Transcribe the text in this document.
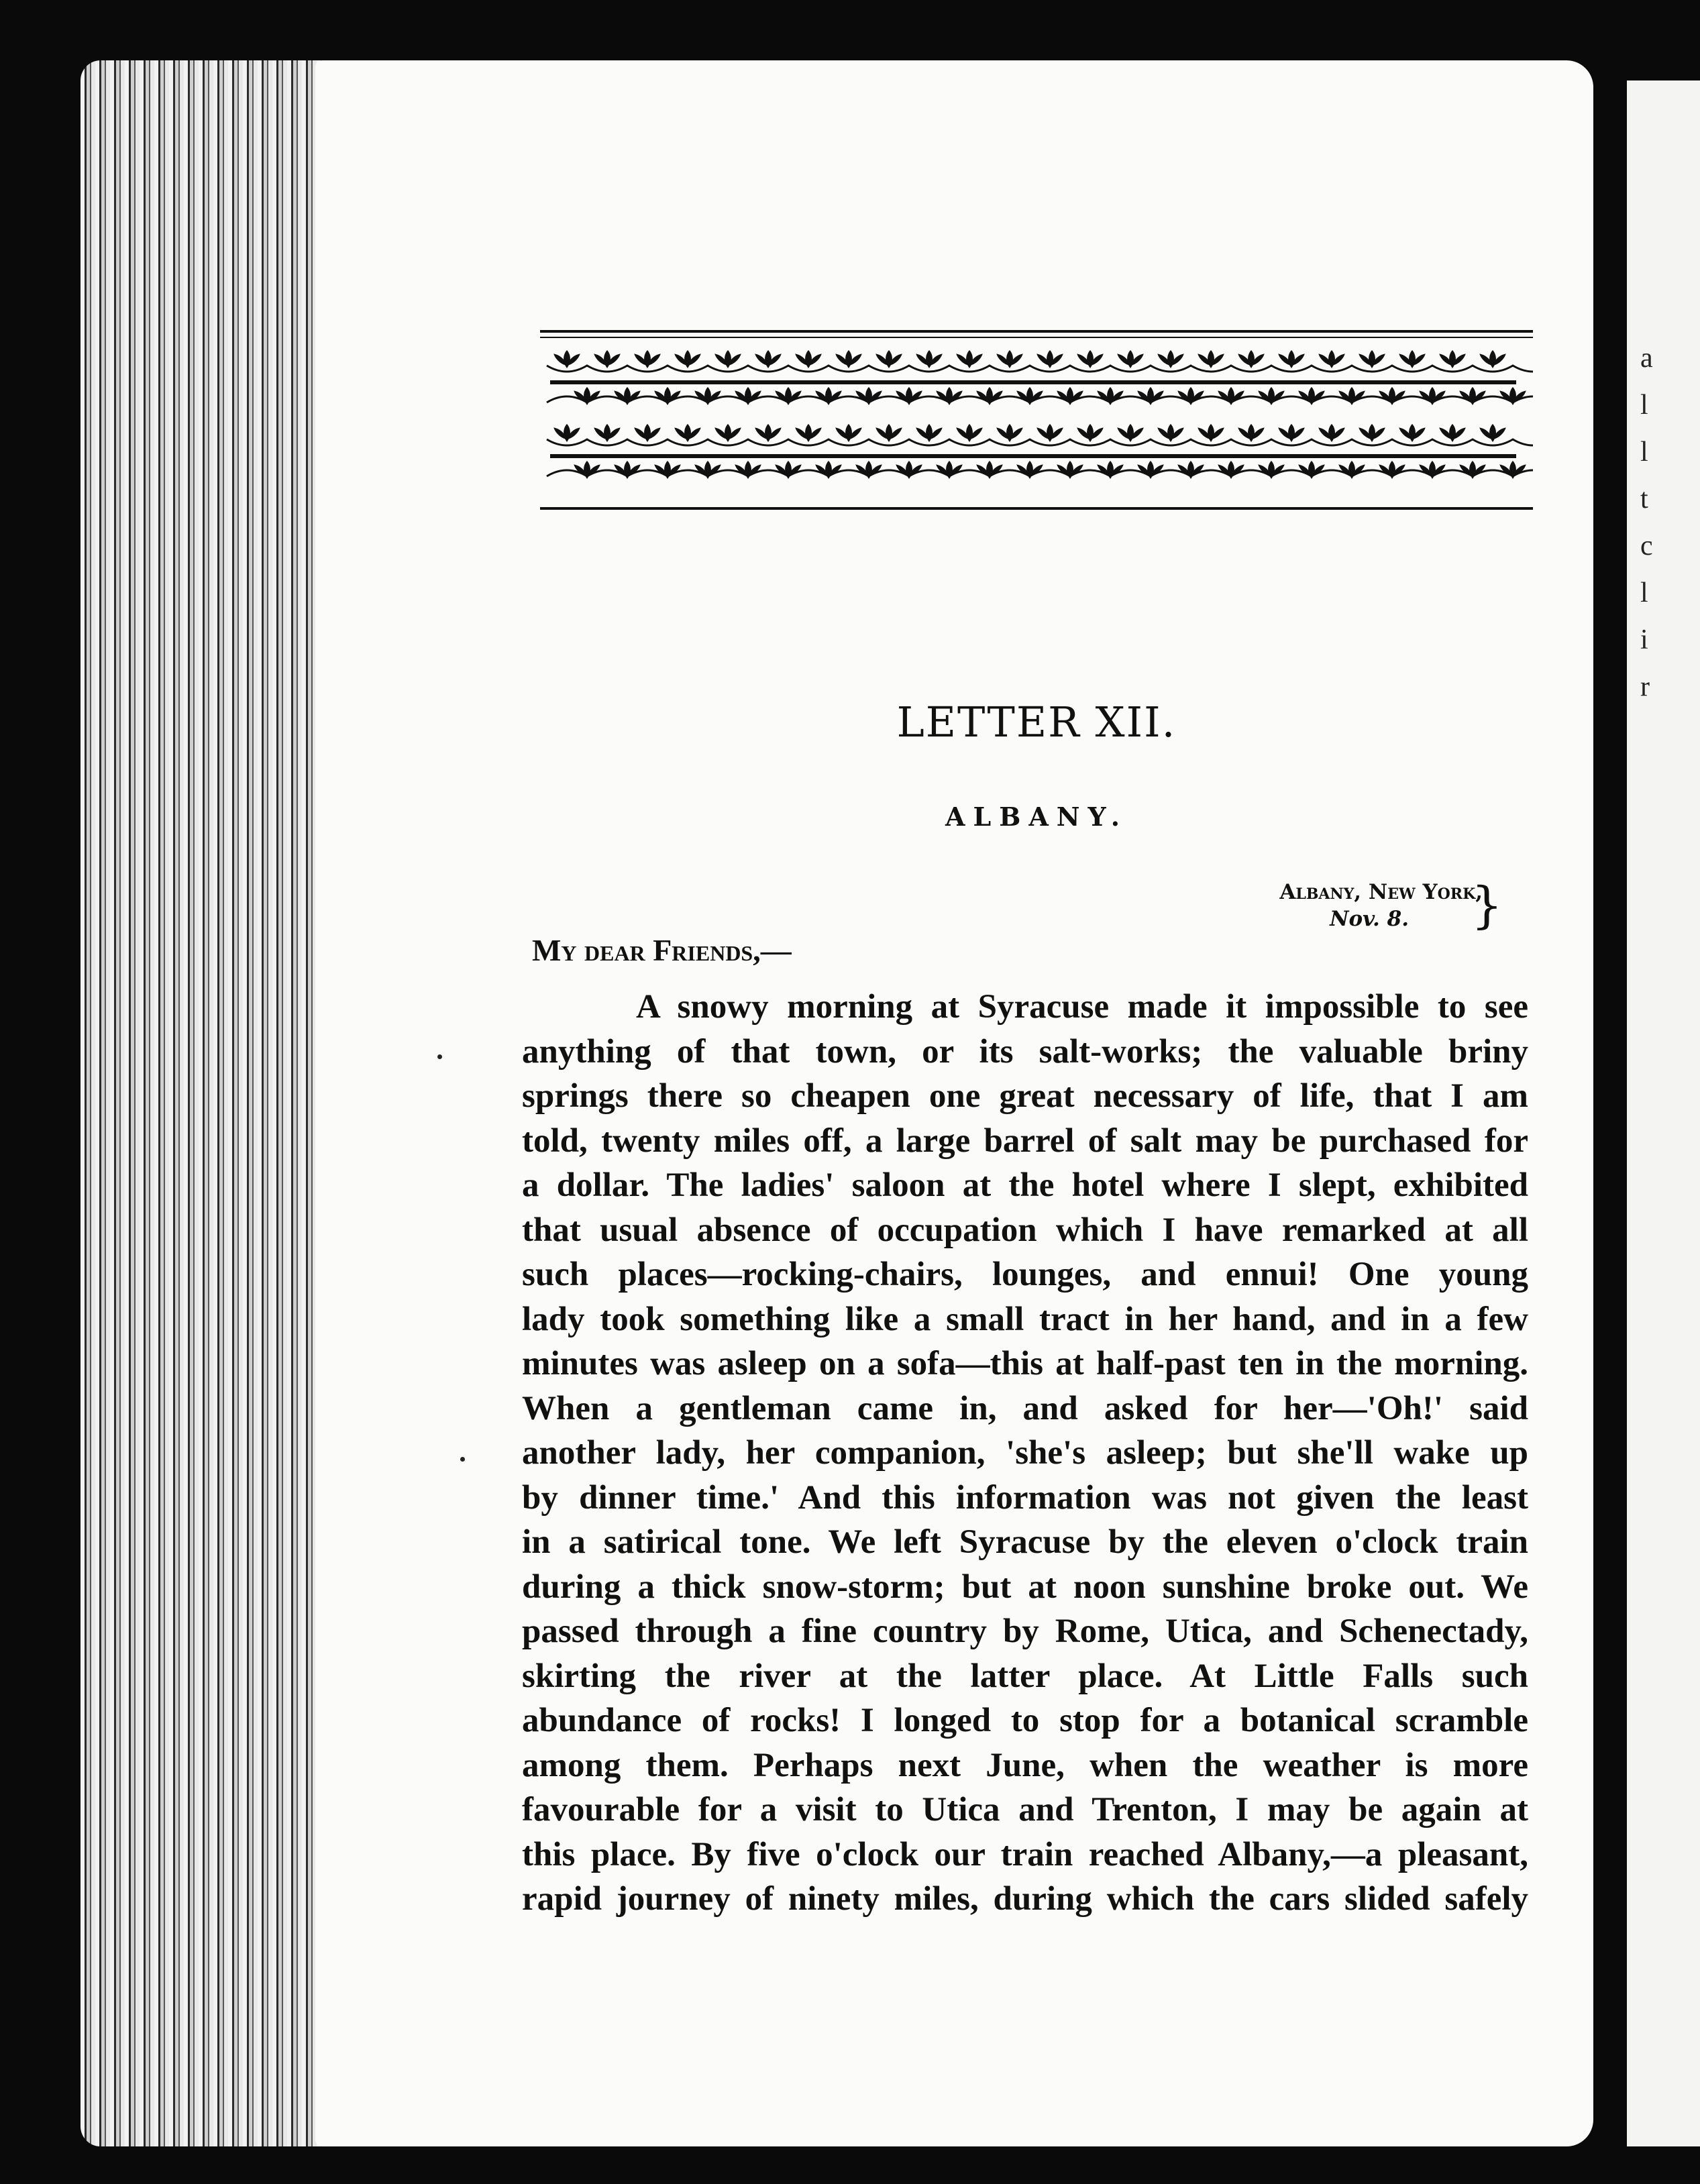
a
l
l
t
c
l
i
r
LETTER XII.
ALBANY.
Albany, New York,
Nov. 8.	}
My dear Friends,—
A snowy morning at Syracuse made it impossible to see
anything of that town, or its salt-works; the valuable briny
springs there so cheapen one great necessary of life, that I am
told, twenty miles off, a large barrel of salt may be purchased for
a dollar. The ladies' saloon at the hotel where I slept, exhibited
that usual absence of occupation which I have remarked at all
such places—rocking-chairs, lounges, and ennui! One young
lady took something like a small tract in her hand, and in a few
minutes was asleep on a sofa—this at half-past ten in the morning.
When a gentleman came in, and asked for her—'Oh!' said
another lady, her companion, 'she's asleep; but she'll wake up
by dinner time.' And this information was not given the least
in a satirical tone. We left Syracuse by the eleven o'clock train
during a thick snow-storm; but at noon sunshine broke out. We
passed through a fine country by Rome, Utica, and Schenectady,
skirting the river at the latter place. At Little Falls such
abundance of rocks! I longed to stop for a botanical scramble
among them. Perhaps next June, when the weather is more
favourable for a visit to Utica and Trenton, I may be again at
this place. By five o'clock our train reached Albany,—a pleasant,
rapid journey of ninety miles, during which the cars slided safely
